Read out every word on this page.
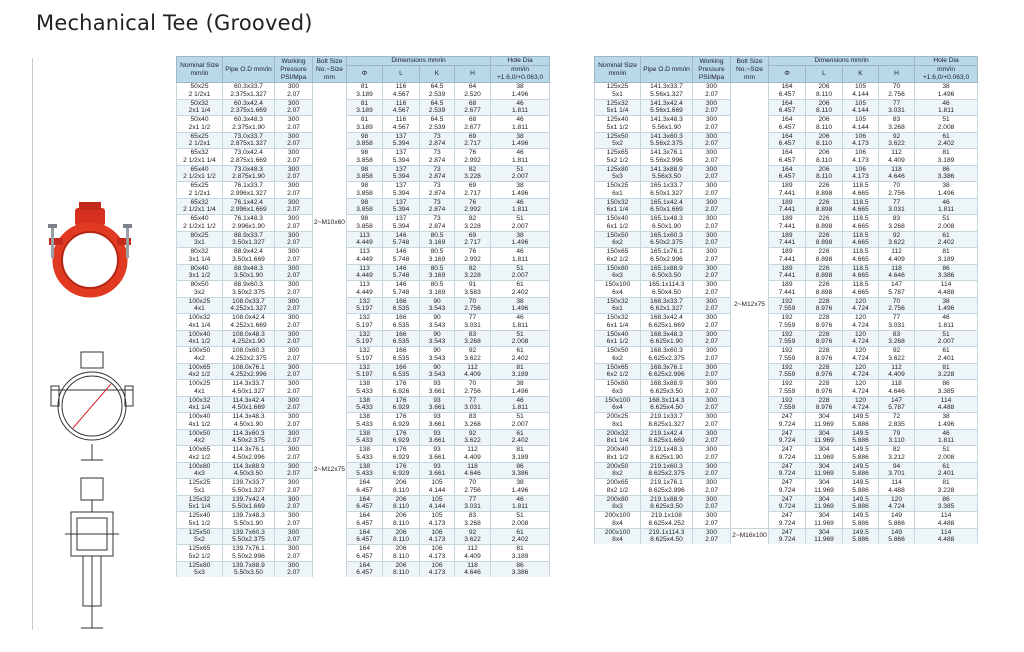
Mechanical Tee (Grooved)
Nominal Size mm/in	Pipe O.D mm/in	Working Pressure PSI/Mpa	Bolt Size No.~Size mm	Dimensions mm/in				Hole Dia
				Φ	L	K	H	mm/in +1.6,0/+0.063,0
50x25	60.3x33.7	300	2~M10x60	81	116	64.5	64	38
2 1/2x1	2.375x1.327	2.07		3.189	4.567	2.539	2.520	1.496
50x32	60.3x42.4	300		81	116	64.5	68	46
2x1 1/4	2.375x1.669	2.07		3.189	4.567	2.539	2.677	1.811
50x40	60.3x48.3	300		81	116	64.5	68	46
2x1 1/2	2.375x1.90	2.07		3.189	4.567	2.539	2.677	1.811
65x25	73.0x33.7	300		98	137	73	69	38
2 1/2x1	2.875x1.327	2.07		3.858	5.394	2.874	2.717	1.496
65x32	73.0x42.4	300		98	137	73	76	46
2 1/2x1 1/4	2.875x1.669	2.07		3.858	5.394	2.874	2.992	1.811
65x40	73.0x48.3	300		98	137	73	82	51
2 1/2x1 1/2	2.875x1.90	2.07		3.858	5.394	2.874	3.228	2.007
65x25	76.1x33.7	300		98	137	73	69	38
2 1/2x1	2.996x1.327	2.07		3.858	5.394	2.874	2.717	1.496
65x32	76.1x42.4	300		98	137	73	76	46
2 1/2x1 1/4	2.996x1.669	2.07		3.858	5.394	2.874	2.992	1.811
65x40	76.1x48.3	300		98	137	73	82	51
2 1/2x1 1/2	2.996x1.90	2.07		3.858	5.394	2.874	3.228	2.007
80x25	88.9x33.7	300		113	146	80.5	69	38
3x1	3.50x1.327	2.07		4.449	5.748	3.169	2.717	1.496
80x32	88.9x42.4	300		113	146	80.5	76	46
3x1 1/4	3.50x1.669	2.07		4.449	5.748	3.169	2.992	1.811
80x40	88.9x48.3	300		113	146	80.5	82	51
3x1 1/2	3.50x1.90	2.07		4.449	5.748	3.169	3.228	2.007
80x50	88.9x60.3	300		113	146	80.5	91	61
3x2	3.50x2.375	2.07		4.449	5.748	3.169	3.583	2.402
100x25	108.0x33.7	300		132	166	90	70	38
4x1	4.252x1.327	2.07		5.197	6.535	3.543	2.756	1.496
100x32	108.0x42.4	300		132	166	90	77	46
4x1 1/4	4.252x1.669	2.07		5.197	6.535	3.543	3.031	1.811
100x40	108.0x48.3	300		132	166	90	83	51
4x1 1/2	4.252x1.90	2.07		5.197	6.535	3.543	3.268	2.008
100x50	108.0x60.3	300		132	166	90	92	61
4x2	4.252x2.375	2.07		5.197	6.535	3.543	3.622	2.402
100x65	108.0x76.1	300	2~M12x75	132	166	90	112	81
4x2 1/2	4.252x2.996	2.07		5.197	6.535	3.543	4.409	3.189
100x25	114.3x33.7	300		138	176	93	70	38
4x1	4.50x1.327	2.07		5.433	6.926	3.661	2.756	1.496
100x32	114.3x42.4	300		138	176	93	77	46
4x1 1/4	4.50x1.669	2.07		5.433	6.929	3.661	3.031	1.811
100x40	114.3x48.3	300		138	176	93	83	51
4x1 1/2	4.50x1.90	2.07		5.433	6.929	3.661	3.268	2.007
100x50	114.3x60.3	300		138	176	93	92	61
4x2	4.50x2.375	2.07		5.433	6.929	3.661	3.622	2.402
100x65	114.3x76.1	300		138	176	93	112	81
4x2 1/2	4.50x2.996	2.07		5.433	6.929	3.661	4.409	3.189
100x80	114.3x88.9	300		138	176	93	118	86
4x3	4.50x3.50	2.07		5.433	6.929	3.661	4.646	3.386
125x25	139.7x33.7	300		164	206	105	70	38
5x1	5.50x1.327	2.07		6.457	8.110	4.144	2.756	1.496
125x32	139.7x42.4	300		164	206	105	77	46
5x1 1/4	5.50x1.669	2.07		6.457	8.110	4.144	3.031	1.811
125x40	139.7x48.3	300		164	206	105	83	51
5x1 1/2	5.50x1.90	2.07		6.457	8.110	4.173	3.268	2.008
125x50	139.7x60.3	300		164	206	106	92	61
5x2	5.50x2.375	2.07		6.457	8.110	4.173	3.622	2.402
125x65	139.7x76.1	300		164	206	106	112	81
5x2 1/2	5.50x2.996	2.07		6.457	8.110	4.173	4.409	3.189
125x80	139.7x88.9	300		164	206	106	118	86
5x3	5.50x3.50	2.07		6.457	8.110	4.173	4.646	3.386
Nominal Size mm/in	Pipe O.D mm/in	Working Pressure PSI/Mpa	Bolt Size No.~Size mm	Dimensions mm/in				Hole Dia
				Φ	L	K	H	mm/in +1.6,0/+0.063,0
125x25	141.3x33.7	300	2~M12x75	164	206	105	70	38
5x1	5.56x1.327	2.07		6.457	8.110	4.144	2.756	1.496
125x32	141.3x42.4	300		164	206	105	77	46
5x1 1/4	5.56x1.669	2.07		6.457	8.110	4.144	3.031	1.811
125x40	141.3x48.3	300		164	206	105	83	51
5x1 1/2	5.56x1.90	2.07		6.457	8.110	4.144	3.268	2.008
125x50	141.3x60.3	300		164	206	106	92	61
5x2	5.56x2.375	2.07		6.457	8.110	4.173	3.622	2.402
125x65	141.3x76.1	300		164	206	106	112	81
5x2 1/2	5.56x2.996	2.07		6.457	8.110	4.173	4.409	3.189
125x80	141.3x88.9	300		164	206	106	118	86
5x3	5.56x3.50	2.07		6.457	8.110	4.173	4.646	3.386
150x25	165.1x33.7	300		189	226	118.5	70	38
6x1	6.50x1.327	2.07		7.441	8.898	4.665	2.756	1.496
150x32	165.1x42.4	300		189	226	118.5	77	46
6x1 1/4	6.50x1.669	2.07		7.441	8.898	4.665	3.031	1.811
150x40	165.1x48.3	300		189	226	118.5	83	51
6x1 1/2	6.50x1.90	2.07		7.441	8.898	4.665	3.268	2.008
150x50	165.1x60.3	300		189	226	118.5	92	61
6x2	6.50x2.375	2.07		7.441	8.898	4.665	3.622	2.402
150x65	165.1x76.1	300		189	226	118.5	112	81
6x2 1/2	6.50x2.996	2.07		7.441	8.898	4.665	4.409	3.189
150x80	165.1x88.9	300		189	226	118.5	118	86
6x3	6.50x3.50	2.07		7.441	8.898	4.665	4.646	3.386
150x100	165.1x114.3	300		189	226	118.5	147	114
6x4	6.50x4.50	2.07		7.441	8.898	4.665	5.787	4.488
150x32	168.3x33.7	300		192	228	120	70	38
6x1	6.62x1.327	2.07		7.559	8.976	4.724	2.756	1.496
150x32	168.3x42.4	300		192	228	120	77	46
6x1 1/4	6.625x1.669	2.07		7.559	8.976	4.724	3.031	1.811
150x40	168.3x48.3	300		192	228	120	83	51
6x1 1/2	6.625x1.90	2.07		7.559	8.976	4.724	3.268	2.007
150x50	168.3x60.3	300		192	228	120	92	61
6x2	6.625x2.375	2.07		7.559	8.976	4.724	3.622	2.401
150x65	168.3x76.1	300		192	228	120	112	81
6x2 1/2	6.625x2.996	2.07		7.559	8.976	4.724	4.409	3.228
150x80	168.3x88.9	300		192	228	120	118	86
6x3	6.625x3.50	2.07		7.559	8.976	4.724	4.646	3.385
150x100	168.3x114.3	300		192	228	120	147	114
6x4	6.625x4.50	2.07		7.559	8.976	4.724	5.787	4.488
200x25	219.1x33.7	300		247	304	149.5	72	38
8x1	8.625x1.327	2.07		9.724	11.969	5.886	2.835	1.496
200x32	219.1x42.4	300		247	304	149.5	79	46
8x1 1/4	8.625x1.669	2.07		9.724	11.969	5.886	3.110	1.811
200x40	219.1x48.3	300		247	304	149.5	82	51
8x1 1/2	8.625x1.90	2.07		9.724	11.969	5.886	3.212	2.008
200x50	219.1x60.3	300		247	304	149.5	94	61
8x2	8.625x2.375	2.07		9.724	11.969	5.886	3.701	2.401
200x65	219.1x76.1	300		247	304	149.5	114	81
8x2 1/2	8.625x2.996	2.07		9.724	11.969	5.886	4.488	3.228
200x80	219.1x88.9	300		247	304	149.5	120	86
8x3	8.625x3.50	2.07		9.724	11.969	5.886	4.724	3.385
200x100	219.1x108	300		247	304	149.5	149	114
8x4	8.625x4.252	2.07		9.724	11.969	5.886	5.866	4.488
200x100	219.1x114.3	300	2~M16x100	247	304	149.5	149	114
8x4	8.625x4.50	2.07		9.724	11.969	5.886	5.866	4.488
